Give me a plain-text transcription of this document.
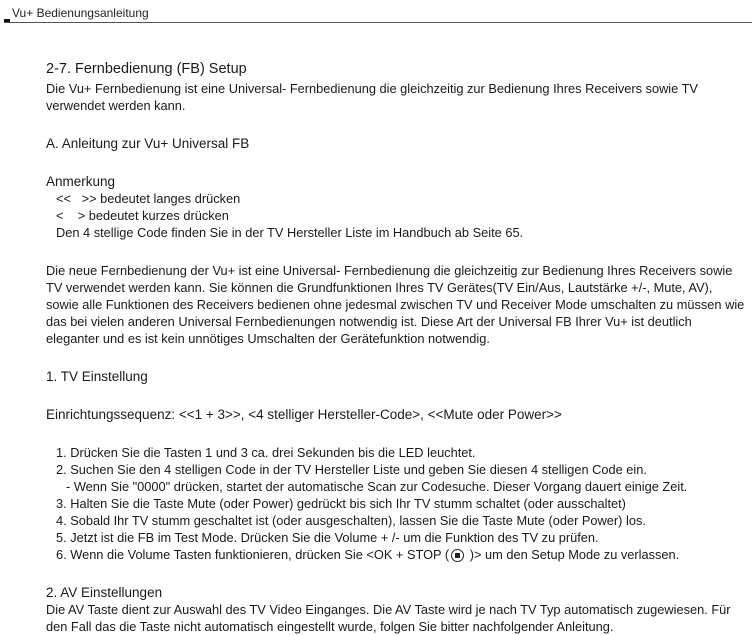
Vu+ Bedienungsanleitung
2-7. Fernbedienung (FB) Setup

Die Vu+ Fernbedienung ist eine Universal- Fernbedienung die gleichzeitig zur Bedienung Ihres Receivers sowie TV verwendet werden kann.

A. Anleitung zur Vu+ Universal FB
Anmerkung

<<   >> bedeutet langes drücken

<    > bedeutet kurzes drücken

Den 4 stellige Code finden Sie in der TV Hersteller Liste im Handbuch ab Seite 65.

Die neue Fernbedienung der Vu+ ist eine Universal- Fernbedienung die gleichzeitig zur Bedienung Ihres Receivers sowie TV verwendet werden kann. Sie können die Grundfunktionen Ihres TV Gerätes(TV Ein/Aus, Lautstärke +/-, Mute, AV), sowie alle Funktionen des Receivers bedienen ohne jedesmal zwischen TV und Receiver Mode umschalten zu müssen wie das bei vielen anderen Universal Fernbedienungen notwendig ist. Diese Art der Universal FB Ihrer Vu+ ist deutlich eleganter und es ist kein unnötiges Umschalten der Gerätefunktion notwendig.

1. TV Einstellung
Einrichtungssequenz: <<1 + 3>>, <4 stelliger Hersteller-Code>, <<Mute oder Power>>
1. Drücken Sie die Tasten 1 und 3 ca. drei Sekunden bis die LED leuchtet.
2. Suchen Sie den 4 stelligen Code in der TV Hersteller Liste und geben Sie diesen 4 stelligen Code ein.
- Wenn Sie "0000" drücken, startet der automatische Scan zur Codesuche. Dieser Vorgang dauert einige Zeit.
3. Halten Sie die Taste Mute (oder Power) gedrückt bis sich Ihr TV stumm schaltet (oder ausschaltet)
4. Sobald Ihr TV stumm geschaltet ist (oder ausgeschalten), lassen Sie die Taste Mute (oder Power) los.
5. Jetzt ist die FB im Test Mode. Drücken Sie die Volume + /- um die Funktion des TV zu prüfen.
6. Wenn die Volume Tasten funktionieren, drücken Sie <OK + STOP ( )> um den Setup Mode zu verlassen.
2. AV Einstellungen

Die AV Taste dient zur Auswahl des TV Video Einganges. Die AV Taste wird je nach TV Typ automatisch zugewiesen. Für den Fall das die Taste nicht automatisch eingestellt wurde, folgen Sie bitter nachfolgender Anleitung.
